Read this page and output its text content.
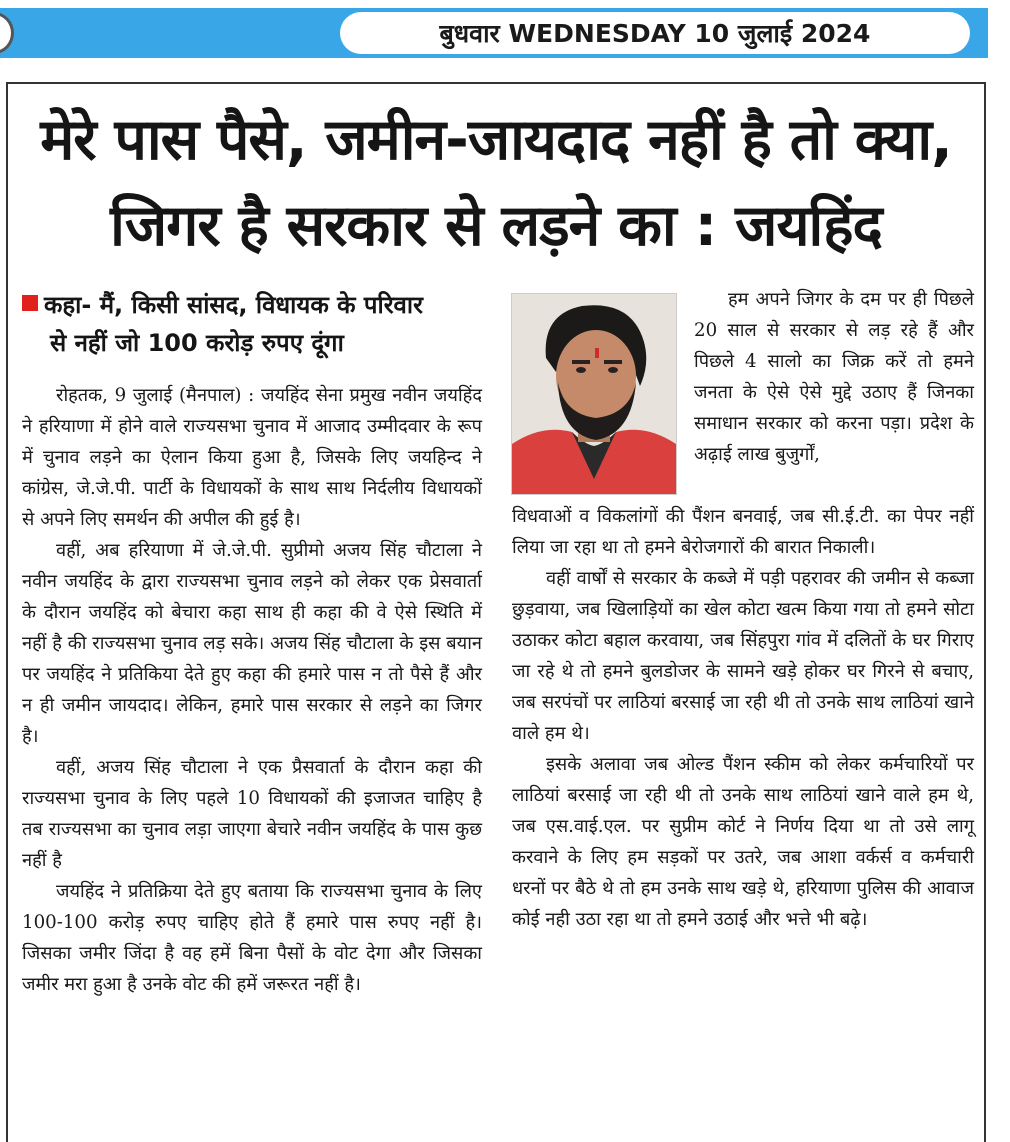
बुधवार WEDNESDAY 10 जुलाई 2024
मेरे पास पैसे, जमीन-जायदाद नहीं है तो क्या,
जिगर है सरकार से लड़ने का : जयहिंद
कहा- मैं, किसी सांसद, विधायक के परिवार
से नहीं जो 100 करोड़ रुपए दूंगा

रोहतक, 9 जुलाई (मैनपाल) : जयहिंद सेना प्रमुख नवीन जयहिंद ने हरियाणा में होने वाले राज्यसभा चुनाव में आजाद उम्मीदवार के रूप में चुनाव लड़ने का ऐलान किया हुआ है, जिसके लिए जयहिन्द ने कांग्रेस, जे.जे.पी. पार्टी के विधायकों के साथ साथ निर्दलीय विधायकों से अपने लिए समर्थन की अपील की हुई है।

वहीं, अब हरियाणा में जे.जे.पी. सुप्रीमो अजय सिंह चौटाला ने नवीन जयहिंद के द्वारा राज्यसभा चुनाव लड़ने को लेकर एक प्रेसवार्ता के दौरान जयहिंद को बेचारा कहा साथ ही कहा की वे ऐसे स्थिति में नहीं है की राज्यसभा चुनाव लड़ सके। अजय सिंह चौटाला के इस बयान पर जयहिंद ने प्रतिकिया देते हुए कहा की हमारे पास न तो पैसे हैं और न ही जमीन जायदाद। लेकिन, हमारे पास सरकार से लड़ने का जिगर है।

वहीं, अजय सिंह चौटाला ने एक प्रैसवार्ता के दौरान कहा की राज्यसभा चुनाव के लिए पहले 10 विधायकों की इजाजत चाहिए है तब राज्यसभा का चुनाव लड़ा जाएगा बेचारे नवीन जयहिंद के पास कुछ नहीं है

जयहिंद ने प्रतिक्रिया देते हुए बताया कि राज्यसभा चुनाव के लिए 100-100 करोड़ रुपए चाहिए होते हैं हमारे पास रुपए नहीं है। जिसका जमीर जिंदा है वह हमें बिना पैसों के वोट देगा और जिसका जमीर मरा हुआ है उनके वोट की हमें जरूरत नहीं है।

हम अपने जिगर के दम पर ही पिछले 20 साल से सरकार से लड़ रहे हैं और पिछले 4 सालो का जिक्र करें तो हमने जनता के ऐसे ऐसे मुद्दे उठाए हैं जिनका समाधान सरकार को करना पड़ा। प्रदेश के अढ़ाई लाख बुजुर्गों,

विधवाओं व विकलांगों की पैंशन बनवाई, जब सी.ई.टी. का पेपर नहीं लिया जा रहा था तो हमने बेरोजगारों की बारात निकाली।

वहीं वार्षों से सरकार के कब्जे में पड़ी पहरावर की जमीन से कब्जा छुड़वाया, जब खिलाड़ियों का खेल कोटा खत्म किया गया तो हमने सोटा उठाकर कोटा बहाल करवाया, जब सिंहपुरा गांव में दलितों के घर गिराए जा रहे थे तो हमने बुलडोजर के सामने खड़े होकर घर गिरने से बचाए, जब सरपंचों पर लाठियां बरसाई जा रही थी तो उनके साथ लाठियां खाने वाले हम थे।

इसके अलावा जब ओल्ड पैंशन स्कीम को लेकर कर्मचारियों पर लाठियां बरसाई जा रही थी तो उनके साथ लाठियां खाने वाले हम थे, जब एस.वाई.एल. पर सुप्रीम कोर्ट ने निर्णय दिया था तो उसे लागू करवाने के लिए हम सड़कों पर उतरे, जब आशा वर्कर्स व कर्मचारी धरनों पर बैठे थे तो हम उनके साथ खड़े थे, हरियाणा पुलिस की आवाज कोई नही उठा रहा था तो हमने उठाई और भत्ते भी बढ़े।
